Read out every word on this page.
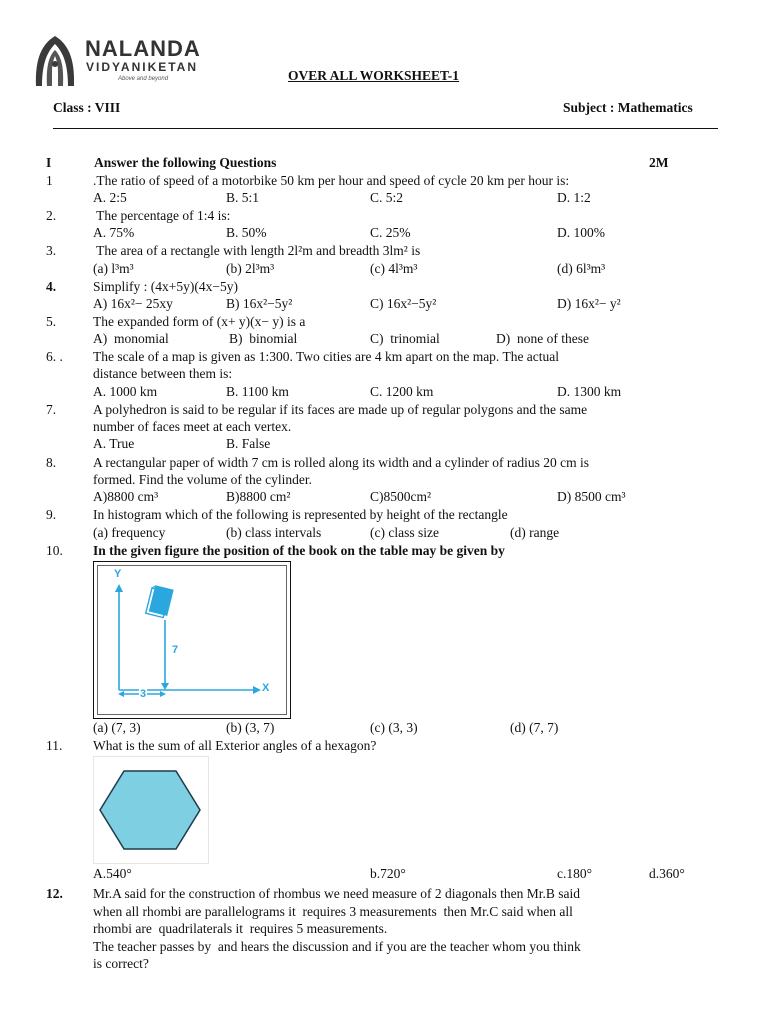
NALANDA
VIDYANIKETAN
Above and beyond	OVER ALL WORKSHEET-1
Class : VIII	Subject : Mathematics
I	Answer the following Questions	2M
1	.The ratio of speed of a motorbike 50 km per hour and speed of cycle 20 km per hour is:
A. 2:5	B. 5:1	C. 5:2	D. 1:2
2.	The percentage of 1:4 is:
A. 75%	B. 50%	C. 25%	D. 100%
3.	The area of a rectangle with length 2l²m and breadth 3lm² is
(a) l³m³	(b) 2l³m³	(c) 4l³m³	(d) 6l³m³
4.	Simplify : (4x+5y)(4x−5y)
A) 16x²− 25xy	B) 16x²−5y²	C) 16x²−5y²	D) 16x²− y²
5.	The expanded form of (x+ y)(x− y) is a
A)  monomial	B)  binomial	C)  trinomial	D)  none of these
6. . The scale of a map is given as 1:300. Two cities are 4 km apart on the map. The actual
distance between them is:
A. 1000 km	B. 1100 km	C. 1200 km	D. 1300 km
7.	A polyhedron is said to be regular if its faces are made up of regular polygons and the same
number of faces meet at each vertex.
A. True	B. False
8.	A rectangular paper of width 7 cm is rolled along its width and a cylinder of radius 20 cm is
formed. Find the volume of the cylinder.
A)8800 cm³	B)8800 cm²	C)8500cm²	D) 8500 cm³
9.	In histogram which of the following is represented by height of the rectangle
(a) frequency	(b) class intervals	(c) class size	(d) range
10. In the given figure the position of the book on the table may be given by
Y
X
7
3
(a) (7, 3)	(b) (3, 7)	(c) (3, 3)	(d) (7, 7)
11. What is the sum of all Exterior angles of a hexagon?
A.540°	b.720°	c.180°	d.360°
12. Mr.A said for the construction of rhombus we need measure of 2 diagonals then Mr.B said
when all rhombi are parallelograms it  requires 3 measurements  then Mr.C said when all
rhombi are  quadrilaterals it  requires 5 measurements.
The teacher passes by  and hears the discussion and if you are the teacher whom you think
is correct?
